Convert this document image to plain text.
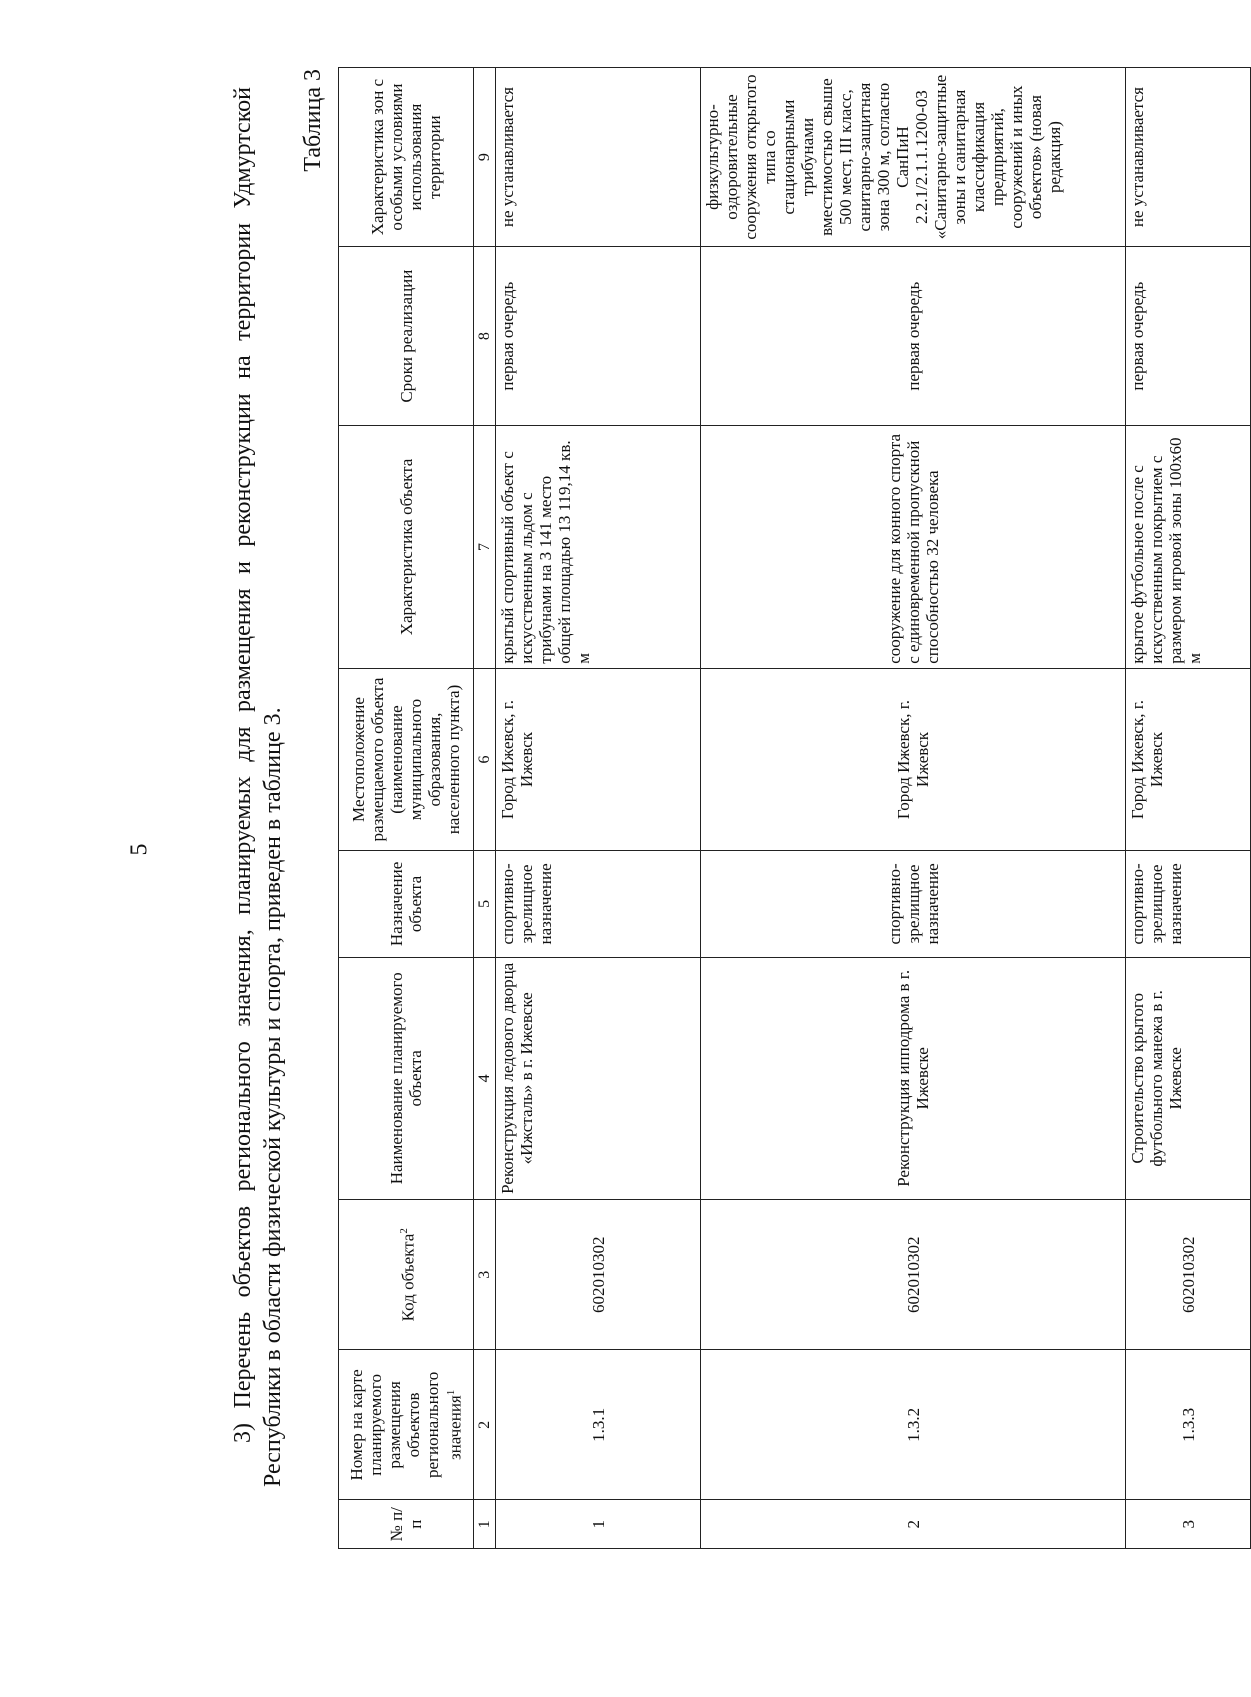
5	3) Перечень объектов регионального значения, планируемых для размещения и реконструкции на территории Удмуртской Республики в области физической культуры и спорта, приведен в таблице 3.
Таблица 3
№ п/п	Номер на карте планируемого размещения объектов регионального значения$^1$	Код объекта$^2$	Наименование планируемого объекта	Назначение объекта	Местоположение размещаемого объекта (наименование муниципального образования, населенного пункта)	Характеристика объекта	Сроки реализации	Характеристика зон с особыми условиями использования территории
1	2	3	4	5	6	7	8	9
1	1.3.1	602010302	Реконструкция ледового дворца «Ижсталь» в г. Ижевске	спортивно-зрелищное назначение	Город Ижевск, г. Ижевск	крытый спортивный объект с искусственным льдом с трибунами на 3 141 место общей площадью 13 119,14 кв. м	первая очередь	не устанавливается
2	1.3.2	602010302	Реконструкция ипподрома в г. Ижевске	спортивно-зрелищное назначение	Город Ижевск, г. Ижевск	сооружение для конного спорта с единовременной пропускной способностью 32 человека	первая очередь	физкультурно-оздоровительные сооружения открытого типа со стационарными трибунами вместимостью свыше 500 мест, III класс, санитарно-защитная зона 300 м, согласно СанПиН 2.2.1/2.1.1.1200-03 «Санитарно-защитные зоны и санитарная классификация предприятий, сооружений и иных объектов» (новая редакция)
3	1.3.3	602010302	Строительство крытого футбольного манежа в г. Ижевске	спортивно-зрелищное назначение	Город Ижевск, г. Ижевск	крытое футбольное после с искусственным покрытием с размером игровой зоны 100х60 м	первая очередь	не устанавливается
